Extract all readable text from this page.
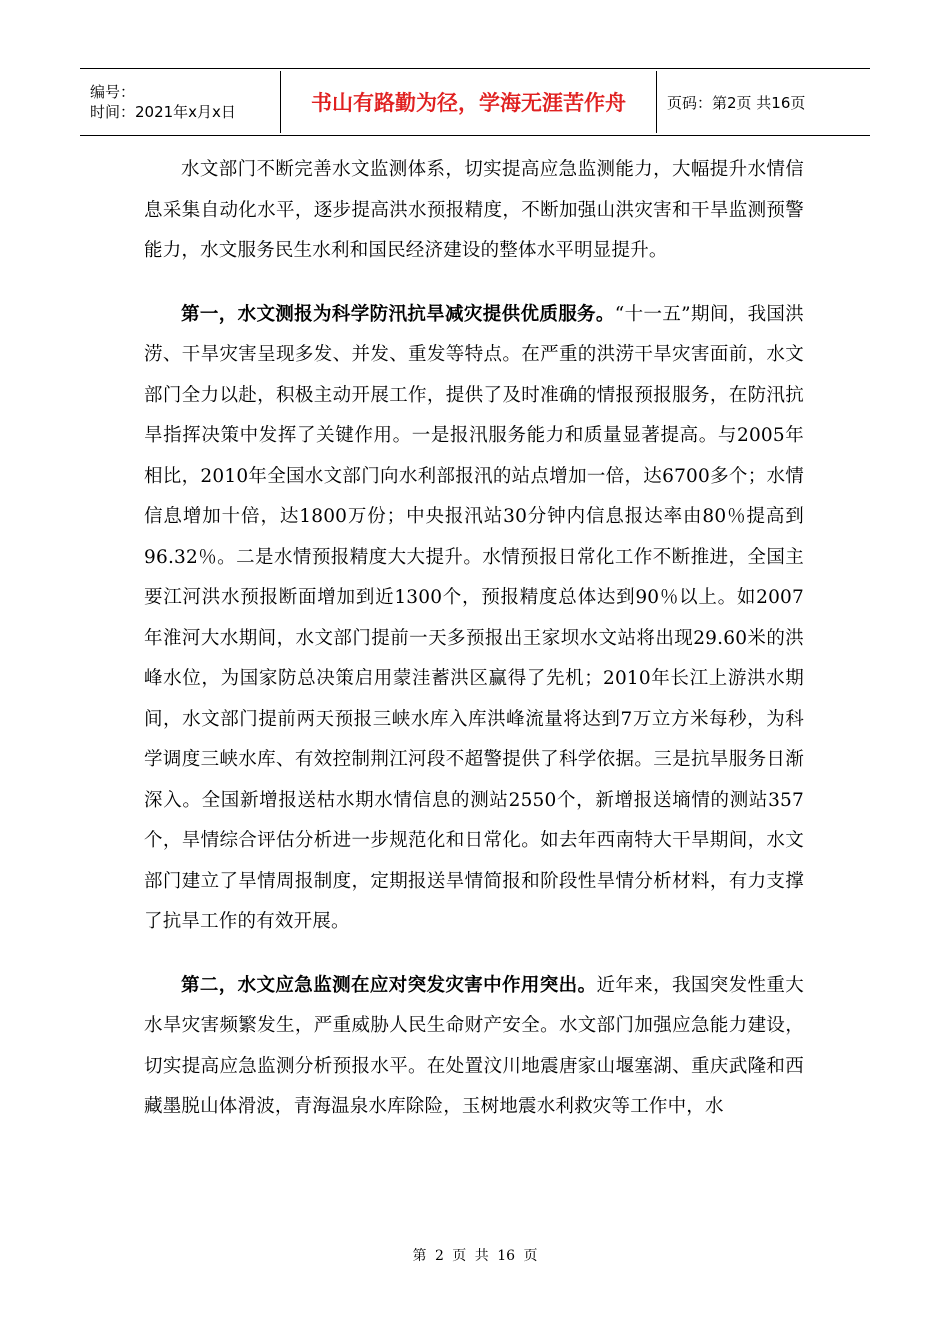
编号：
时间：2021年x月x日	书山有路勤为径，学海无涯苦作舟	页码：第2页 共16页

水文部门不断完善水文监测体系，切实提高应急监测能力，大幅提升水情信息采集自动化水平，逐步提高洪水预报精度，不断加强山洪灾害和干旱监测预警能力，水文服务民生水利和国民经济建设的整体水平明显提升。

第一，水文测报为科学防汛抗旱减灾提供优质服务。“十一五”期间，我国洪涝、干旱灾害呈现多发、并发、重发等特点。在严重的洪涝干旱灾害面前，水文部门全力以赴，积极主动开展工作，提供了及时准确的情报预报服务，在防汛抗旱指挥决策中发挥了关键作用。一是报汛服务能力和质量显著提高。与2005年相比，2010年全国水文部门向水利部报汛的站点增加一倍，达6700多个；水情信息增加十倍，达1800万份；中央报汛站30分钟内信息报达率由80％提高到96.32％。二是水情预报精度大大提升。水情预报日常化工作不断推进，全国主要江河洪水预报断面增加到近1300个，预报精度总体达到90％以上。如2007年淮河大水期间，水文部门提前一天多预报出王家坝水文站将出现29.60米的洪峰水位，为国家防总决策启用蒙洼蓄洪区赢得了先机；2010年长江上游洪水期间，水文部门提前两天预报三峡水库入库洪峰流量将达到7万立方米每秒，为科学调度三峡水库、有效控制荆江河段不超警提供了科学依据。三是抗旱服务日渐深入。全国新增报送枯水期水情信息的测站2550个，新增报送墒情的测站357个，旱情综合评估分析进一步规范化和日常化。如去年西南特大干旱期间，水文部门建立了旱情周报制度，定期报送旱情简报和阶段性旱情分析材料，有力支撑了抗旱工作的有效开展。

第二，水文应急监测在应对突发灾害中作用突出。近年来，我国突发性重大水旱灾害频繁发生，严重威胁人民生命财产安全。水文部门加强应急能力建设，切实提高应急监测分析预报水平。在处置汶川地震唐家山堰塞湖、重庆武隆和西藏墨脱山体滑波，青海温泉水库除险，玉树地震水利救灾等工作中，水

第 2 页 共 16 页
